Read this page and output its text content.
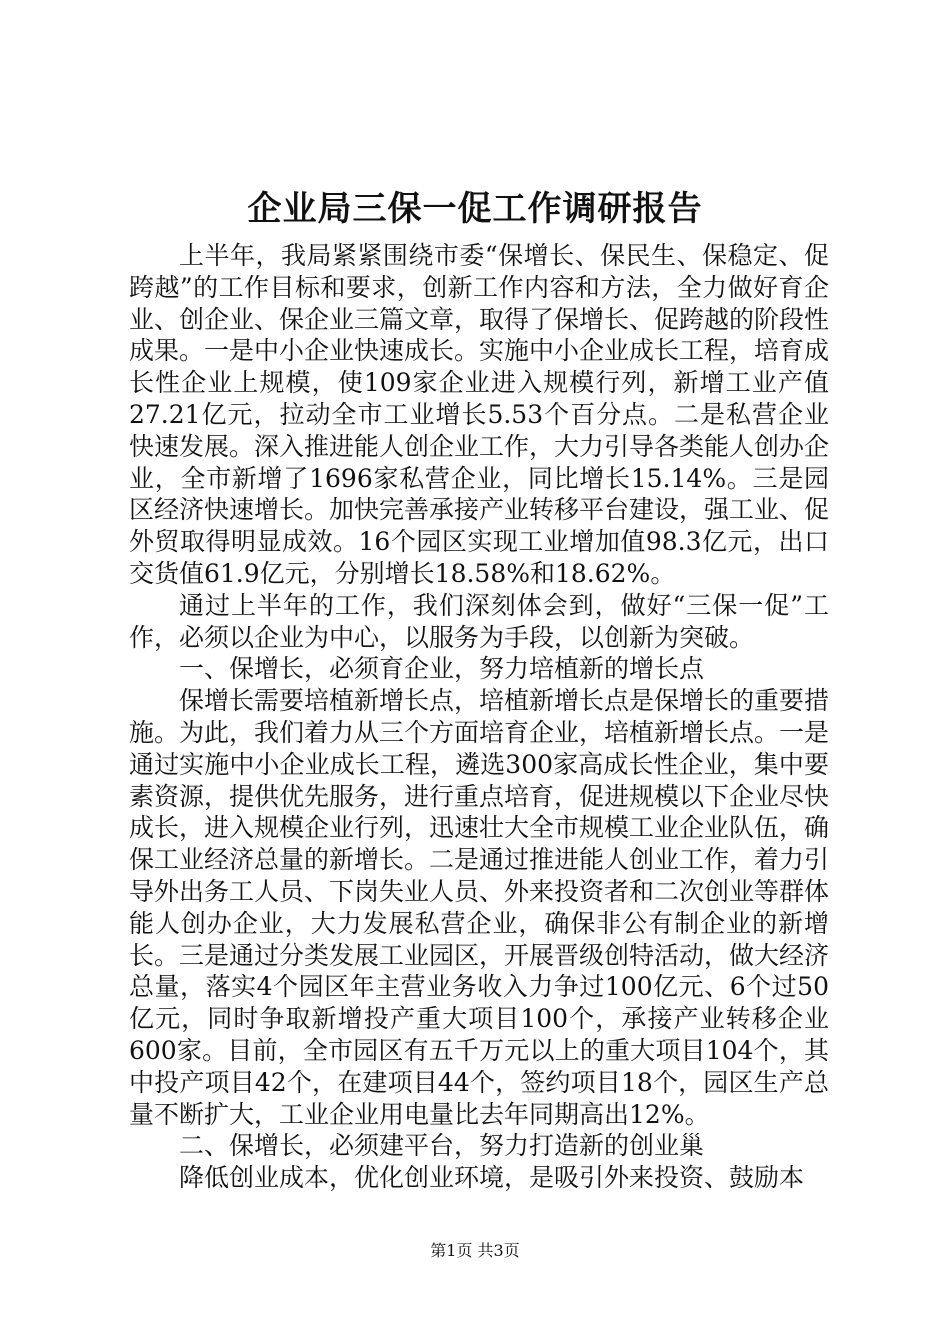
企业局三保一促工作调研报告

上半年，我局紧紧围绕市委“保增长、保民生、保稳定、促跨越”的工作目标和要求，创新工作内容和方法，全力做好育企业、创企业、保企业三篇文章，取得了保增长、促跨越的阶段性成果。一是中小企业快速成长。实施中小企业成长工程，培育成长性企业上规模，使109家企业进入规模行列，新增工业产值27.21亿元，拉动全市工业增长5.53个百分点。二是私营企业快速发展。深入推进能人创企业工作，大力引导各类能人创办企业，全市新增了1696家私营企业，同比增长15.14%。三是园区经济快速增长。加快完善承接产业转移平台建设，强工业、促外贸取得明显成效。16个园区实现工业增加值98.3亿元，出口交货值61.9亿元，分别增长18.58%和18.62%。

通过上半年的工作，我们深刻体会到，做好“三保一促”工作，必须以企业为中心，以服务为手段，以创新为突破。

一、保增长，必须育企业，努力培植新的增长点

保增长需要培植新增长点，培植新增长点是保增长的重要措施。为此，我们着力从三个方面培育企业，培植新增长点。一是通过实施中小企业成长工程，遴选300家高成长性企业，集中要素资源，提供优先服务，进行重点培育，促进规模以下企业尽快成长，进入规模企业行列，迅速壮大全市规模工业企业队伍，确保工业经济总量的新增长。二是通过推进能人创业工作，着力引导外出务工人员、下岗失业人员、外来投资者和二次创业等群体能人创办企业，大力发展私营企业，确保非公有制企业的新增长。三是通过分类发展工业园区，开展晋级创特活动，做大经济总量，落实4个园区年主营业务收入力争过100亿元、6个过50亿元，同时争取新增投产重大项目100个，承接产业转移企业600家。目前，全市园区有五千万元以上的重大项目104个，其中投产项目42个，在建项目44个，签约项目18个，园区生产总量不断扩大，工业企业用电量比去年同期高出12%。

二、保增长，必须建平台，努力打造新的创业巢

降低创业成本，优化创业环境，是吸引外来投资、鼓励本

第1页 共3页
